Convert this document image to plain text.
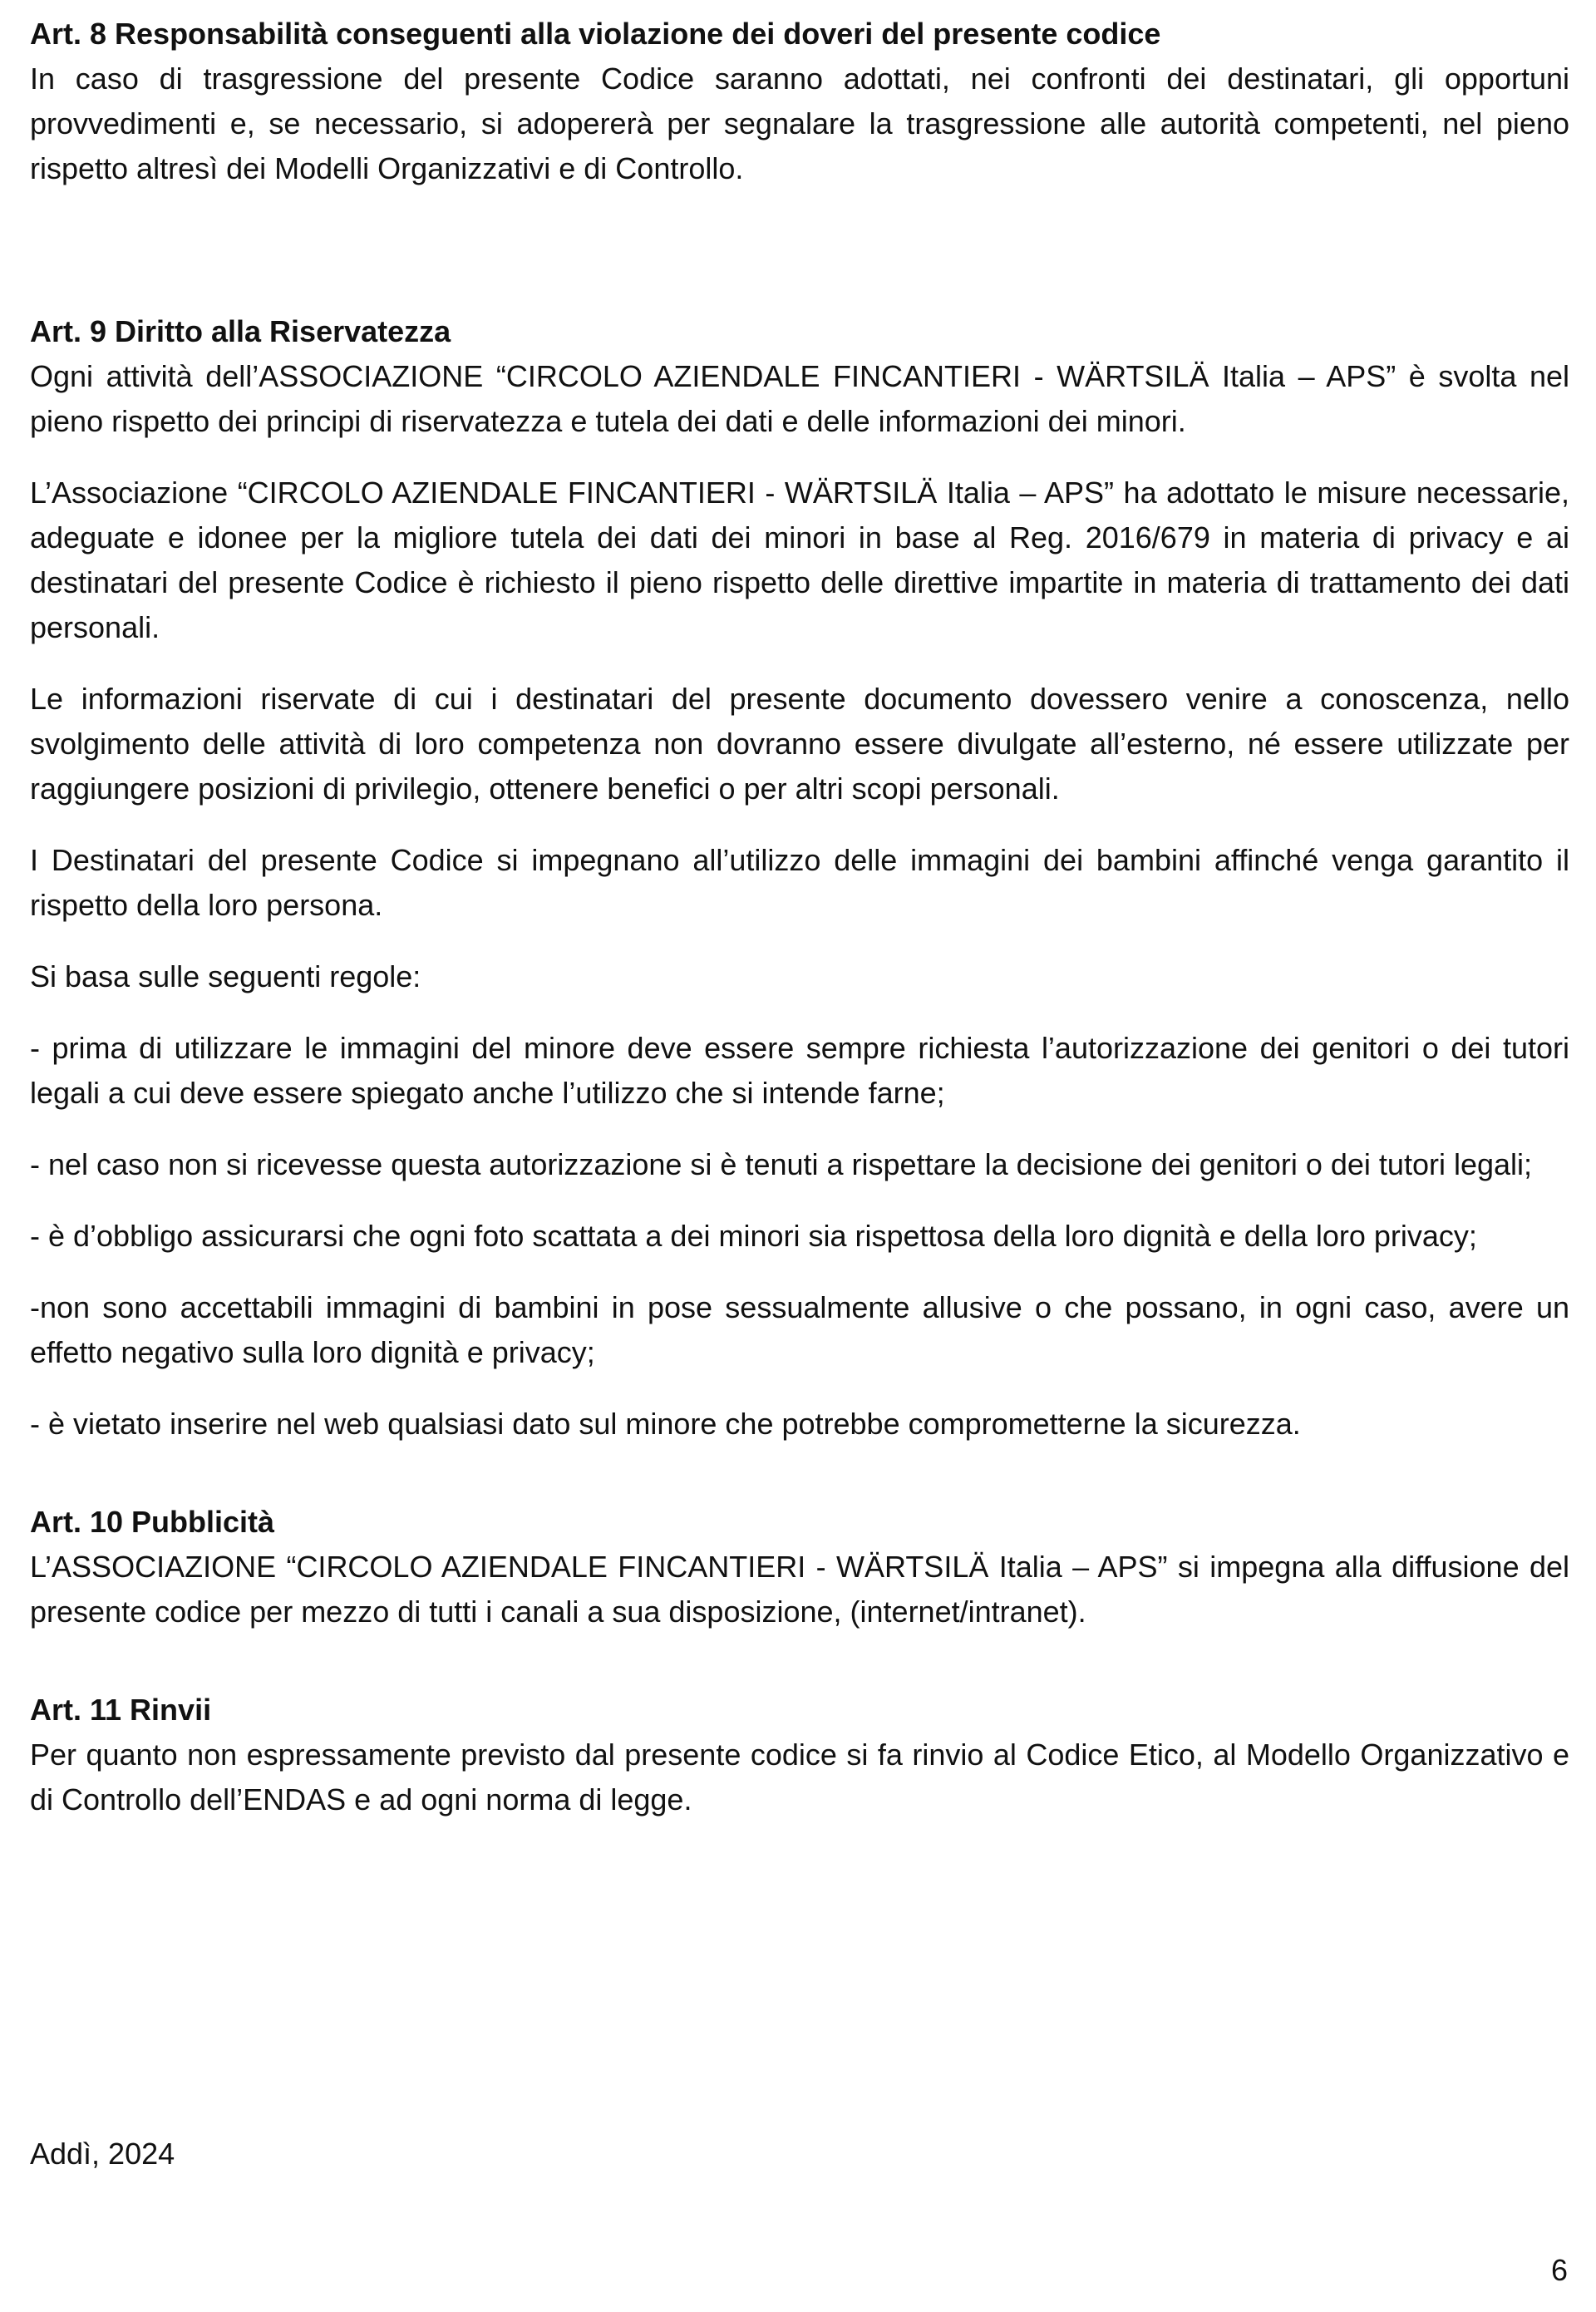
Art. 8 Responsabilità conseguenti alla violazione dei doveri del presente codice

In caso di trasgressione del presente Codice saranno adottati, nei confronti dei destinatari, gli opportuni provvedimenti e, se necessario, si adopererà per segnalare la trasgressione alle autorità competenti, nel pieno rispetto altresì dei Modelli Organizzativi e di Controllo.

Art. 9 Diritto alla Riservatezza

Ogni attività dell’ASSOCIAZIONE “CIRCOLO AZIENDALE FINCANTIERI - WÄRTSILÄ Italia – APS” è svolta nel pieno rispetto dei principi di riservatezza e tutela dei dati e delle informazioni dei minori.

L’Associazione “CIRCOLO AZIENDALE FINCANTIERI - WÄRTSILÄ Italia – APS” ha adottato le misure necessarie, adeguate e idonee per la migliore tutela dei dati dei minori in base al Reg. 2016/679 in materia di privacy e ai destinatari del presente Codice è richiesto il pieno rispetto delle direttive impartite in materia di trattamento dei dati personali.

Le informazioni riservate di cui i destinatari del presente documento dovessero venire a conoscenza, nello svolgimento delle attività di loro competenza non dovranno essere divulgate all’esterno, né essere utilizzate per raggiungere posizioni di privilegio, ottenere benefici o per altri scopi personali.

I Destinatari del presente Codice si impegnano all’utilizzo delle immagini dei bambini affinché venga garantito il rispetto della loro persona.

Si basa sulle seguenti regole:

- prima di utilizzare le immagini del minore deve essere sempre richiesta l’autorizzazione dei genitori o dei tutori legali a cui deve essere spiegato anche l’utilizzo che si intende farne;

- nel caso non si ricevesse questa autorizzazione si è tenuti a rispettare la decisione dei genitori o dei tutori legali;

- è d’obbligo assicurarsi che ogni foto scattata a dei minori sia rispettosa della loro dignità e della loro privacy;

-non sono accettabili immagini di bambini in pose sessualmente allusive o che possano, in ogni caso, avere un effetto negativo sulla loro dignità e privacy;

- è vietato inserire nel web qualsiasi dato sul minore che potrebbe comprometterne la sicurezza.

Art. 10 Pubblicità

L’ASSOCIAZIONE “CIRCOLO AZIENDALE FINCANTIERI - WÄRTSILÄ Italia – APS” si impegna alla diffusione del presente codice per mezzo di tutti i canali a sua disposizione, (internet/intranet).

Art. 11 Rinvii

Per quanto non espressamente previsto dal presente codice si fa rinvio al Codice Etico, al Modello Organizzativo e di Controllo dell’ENDAS e ad ogni norma di legge.

Addì, 2024

6
